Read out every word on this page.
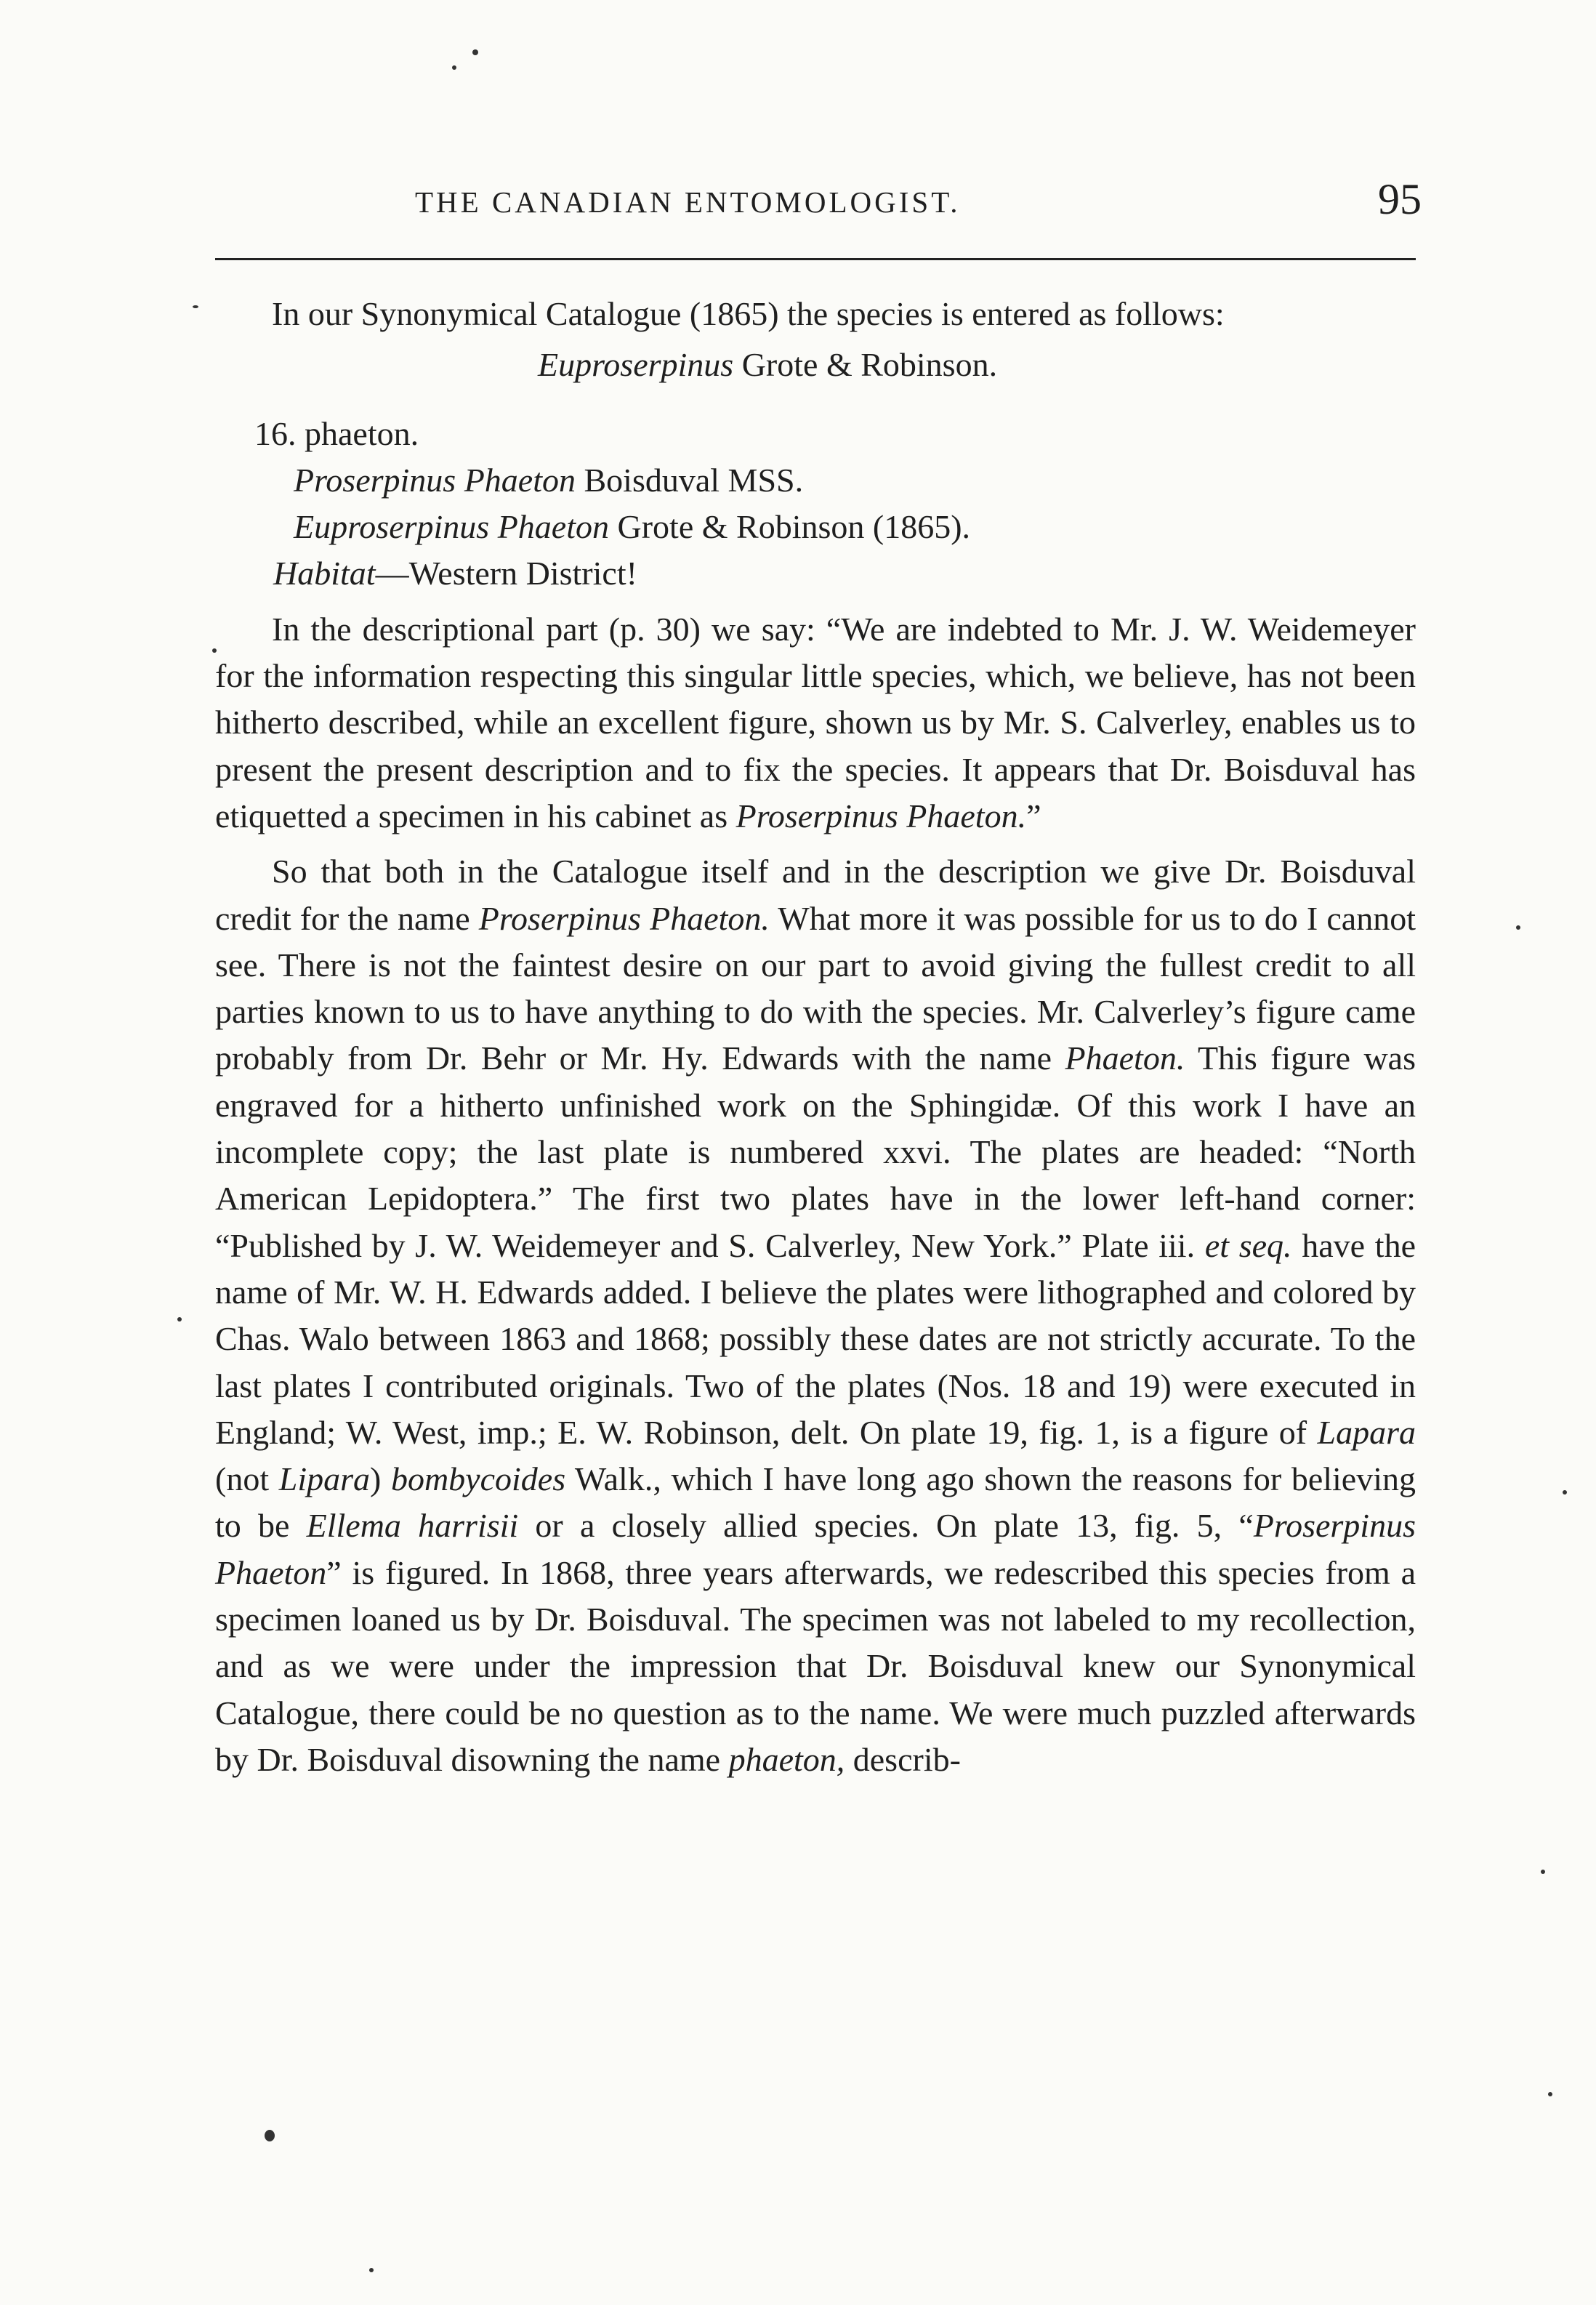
THE CANADIAN ENTOMOLOGIST.	95

In our Synonymical Catalogue (1865) the species is entered as follows:

Euproserpinus Grote & Robinson.

16. phaeton.

Proserpinus Phaeton Boisduval MSS.

Euproserpinus Phaeton Grote & Robinson (1865).

Habitat—Western District!

In the descriptional part (p. 30) we say: “We are indebted to Mr. J. W. Weidemeyer for the information respecting this singular little species, which, we believe, has not been hitherto described, while an excellent figure, shown us by Mr. S. Calverley, enables us to present the present description and to fix the species. It appears that Dr. Boisduval has etiquetted a specimen in his cabinet as Proserpinus Phaeton.”

So that both in the Catalogue itself and in the description we give Dr. Boisduval credit for the name Proserpinus Phaeton. What more it was possible for us to do I cannot see. There is not the faintest desire on our part to avoid giving the fullest credit to all parties known to us to have anything to do with the species. Mr. Calverley’s figure came probably from Dr. Behr or Mr. Hy. Edwards with the name Phaeton. This figure was engraved for a hitherto unfinished work on the Sphingidæ. Of this work I have an incomplete copy; the last plate is numbered xxvi. The plates are headed: “North American Lepidoptera.” The first two plates have in the lower left-hand corner: “Published by J. W. Weidemeyer and S. Calverley, New York.” Plate iii. et seq. have the name of Mr. W. H. Edwards added. I believe the plates were lithographed and colored by Chas. Walo between 1863 and 1868; possibly these dates are not strictly accurate. To the last plates I contributed originals. Two of the plates (Nos. 18 and 19) were executed in England; W. West, imp.; E. W. Robinson, delt. On plate 19, fig. 1, is a figure of Lapara (not Lipara) bombycoides Walk., which I have long ago shown the reasons for believing to be Ellema harrisii or a closely allied species. On plate 13, fig. 5, “Proserpinus Phaeton” is figured. In 1868, three years afterwards, we redescribed this species from a specimen loaned us by Dr. Boisduval. The specimen was not labeled to my recollection, and as we were under the impression that Dr. Boisduval knew our Synonymical Catalogue, there could be no question as to the name. We were much puzzled afterwards by Dr. Boisduval disowning the name phaeton, describ-
